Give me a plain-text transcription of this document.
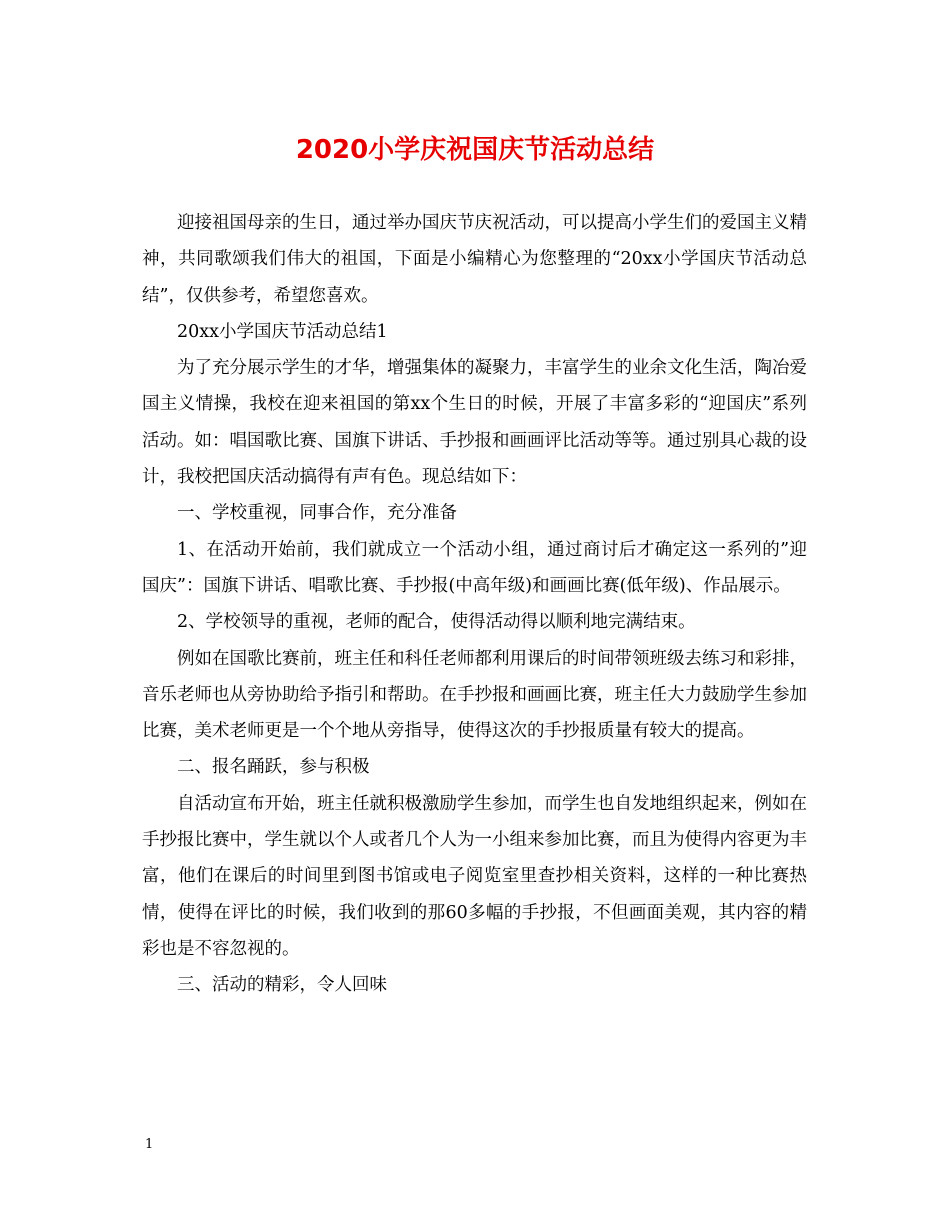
2020小学庆祝国庆节活动总结

迎接祖国母亲的生日，通过举办国庆节庆祝活动，可以提高小学生们的爱国主义精神，共同歌颂我们伟大的祖国，下面是小编精心为您整理的“20xx小学国庆节活动总结”，仅供参考，希望您喜欢。

20xx小学国庆节活动总结1

为了充分展示学生的才华，增强集体的凝聚力，丰富学生的业余文化生活，陶冶爱国主义情操，我校在迎来祖国的第xx个生日的时候，开展了丰富多彩的“迎国庆”系列活动。如：唱国歌比赛、国旗下讲话、手抄报和画画评比活动等等。通过别具心裁的设计，我校把国庆活动搞得有声有色。现总结如下：

一、学校重视，同事合作，充分准备

1、在活动开始前，我们就成立一个活动小组，通过商讨后才确定这一系列的”迎国庆”：国旗下讲话、唱歌比赛、手抄报(中高年级)和画画比赛(低年级)、作品展示。

2、学校领导的重视，老师的配合，使得活动得以顺利地完满结束。

例如在国歌比赛前，班主任和科任老师都利用课后的时间带领班级去练习和彩排，音乐老师也从旁协助给予指引和帮助。在手抄报和画画比赛，班主任大力鼓励学生参加比赛，美术老师更是一个个地从旁指导，使得这次的手抄报质量有较大的提高。

二、报名踊跃，参与积极

自活动宣布开始，班主任就积极激励学生参加，而学生也自发地组织起来，例如在手抄报比赛中，学生就以个人或者几个人为一小组来参加比赛，而且为使得内容更为丰富，他们在课后的时间里到图书馆或电子阅览室里查抄相关资料，这样的一种比赛热情，使得在评比的时候，我们收到的那60多幅的手抄报，不但画面美观，其内容的精彩也是不容忽视的。

三、活动的精彩，令人回味

1
